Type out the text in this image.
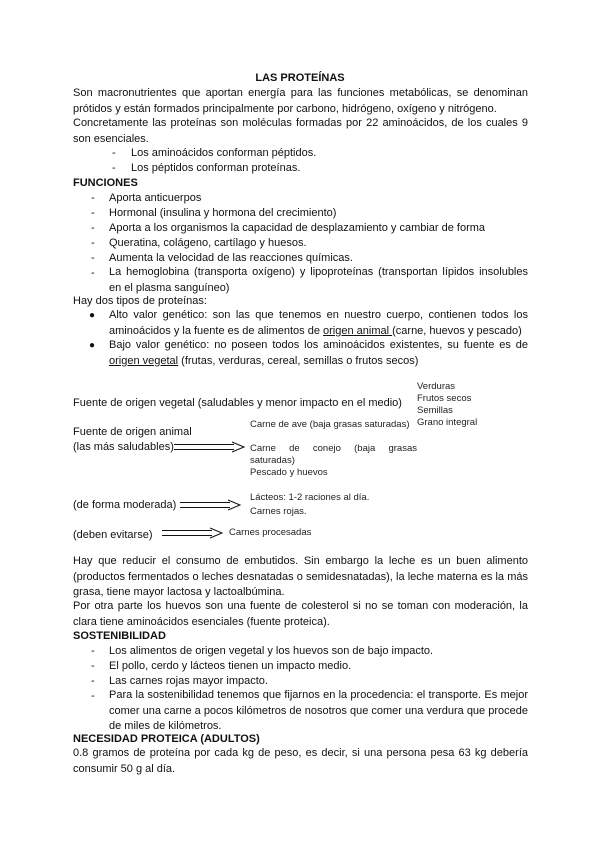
LAS PROTEÍNAS
Son macronutrientes que aportan energía para las funciones metabólicas, se denominan prótidos y están formados principalmente por carbono, hidrógeno, oxígeno y nitrógeno.
Concretamente las proteínas son moléculas formadas por 22 aminoácidos, de los cuales 9 son esenciales.
- Los aminoácidos conforman péptidos.
- Los péptidos conforman proteínas.
FUNCIONES
- Aporta anticuerpos
- Hormonal (insulina y hormona del crecimiento)
- Aporta a los organismos la capacidad de desplazamiento y cambiar de forma
- Queratina, colágeno, cartílago y huesos.
- Aumenta la velocidad de las reacciones químicas.
- La hemoglobina (transporta oxígeno) y lipoproteínas (transportan lípidos insolubles en el plasma sanguíneo)
Hay dos tipos de proteínas:
● Alto valor genético: son las que tenemos en nuestro cuerpo, contienen todos los aminoácidos y la fuente es de alimentos de origen animal (carne, huevos y pescado)
● Bajo valor genético: no poseen todos los aminoácidos existentes, su fuente es de origen vegetal (frutas, verduras, cereal, semillas o frutos secos)
Fuente de origen vegetal (saludables y menor impacto en el medio)
Verduras
Frutos secos
Semillas
Grano integral
Fuente de origen animal
(las más saludables)
Carne de ave (baja grasas saturadas)
Carne de conejo (baja grasas saturadas)
Pescado y huevos
(de forma moderada)
Lácteos: 1-2 raciones al día.
Carnes rojas.
(deben evitarse)	Carnes procesadas
Hay que reducir el consumo de embutidos. Sin embargo la leche es un buen alimento (productos fermentados o leches desnatadas o semidesnatadas), la leche materna es la más grasa, tiene mayor lactosa y lactoalbúmina.
Por otra parte los huevos son una fuente de colesterol si no se toman con moderación, la clara tiene aminoácidos esenciales (fuente proteica).
SOSTENIBILIDAD
- Los alimentos de origen vegetal y los huevos son de bajo impacto.
- El pollo, cerdo y lácteos tienen un impacto medio.
- Las carnes rojas mayor impacto.
- Para la sostenibilidad tenemos que fijarnos en la procedencia: el transporte. Es mejor comer una carne a pocos kilómetros de nosotros que comer una verdura que procede de miles de kilómetros.
NECESIDAD PROTEICA (ADULTOS)
0.8 gramos de proteína por cada kg de peso, es decir, si una persona pesa 63 kg debería consumir 50 g al día.
